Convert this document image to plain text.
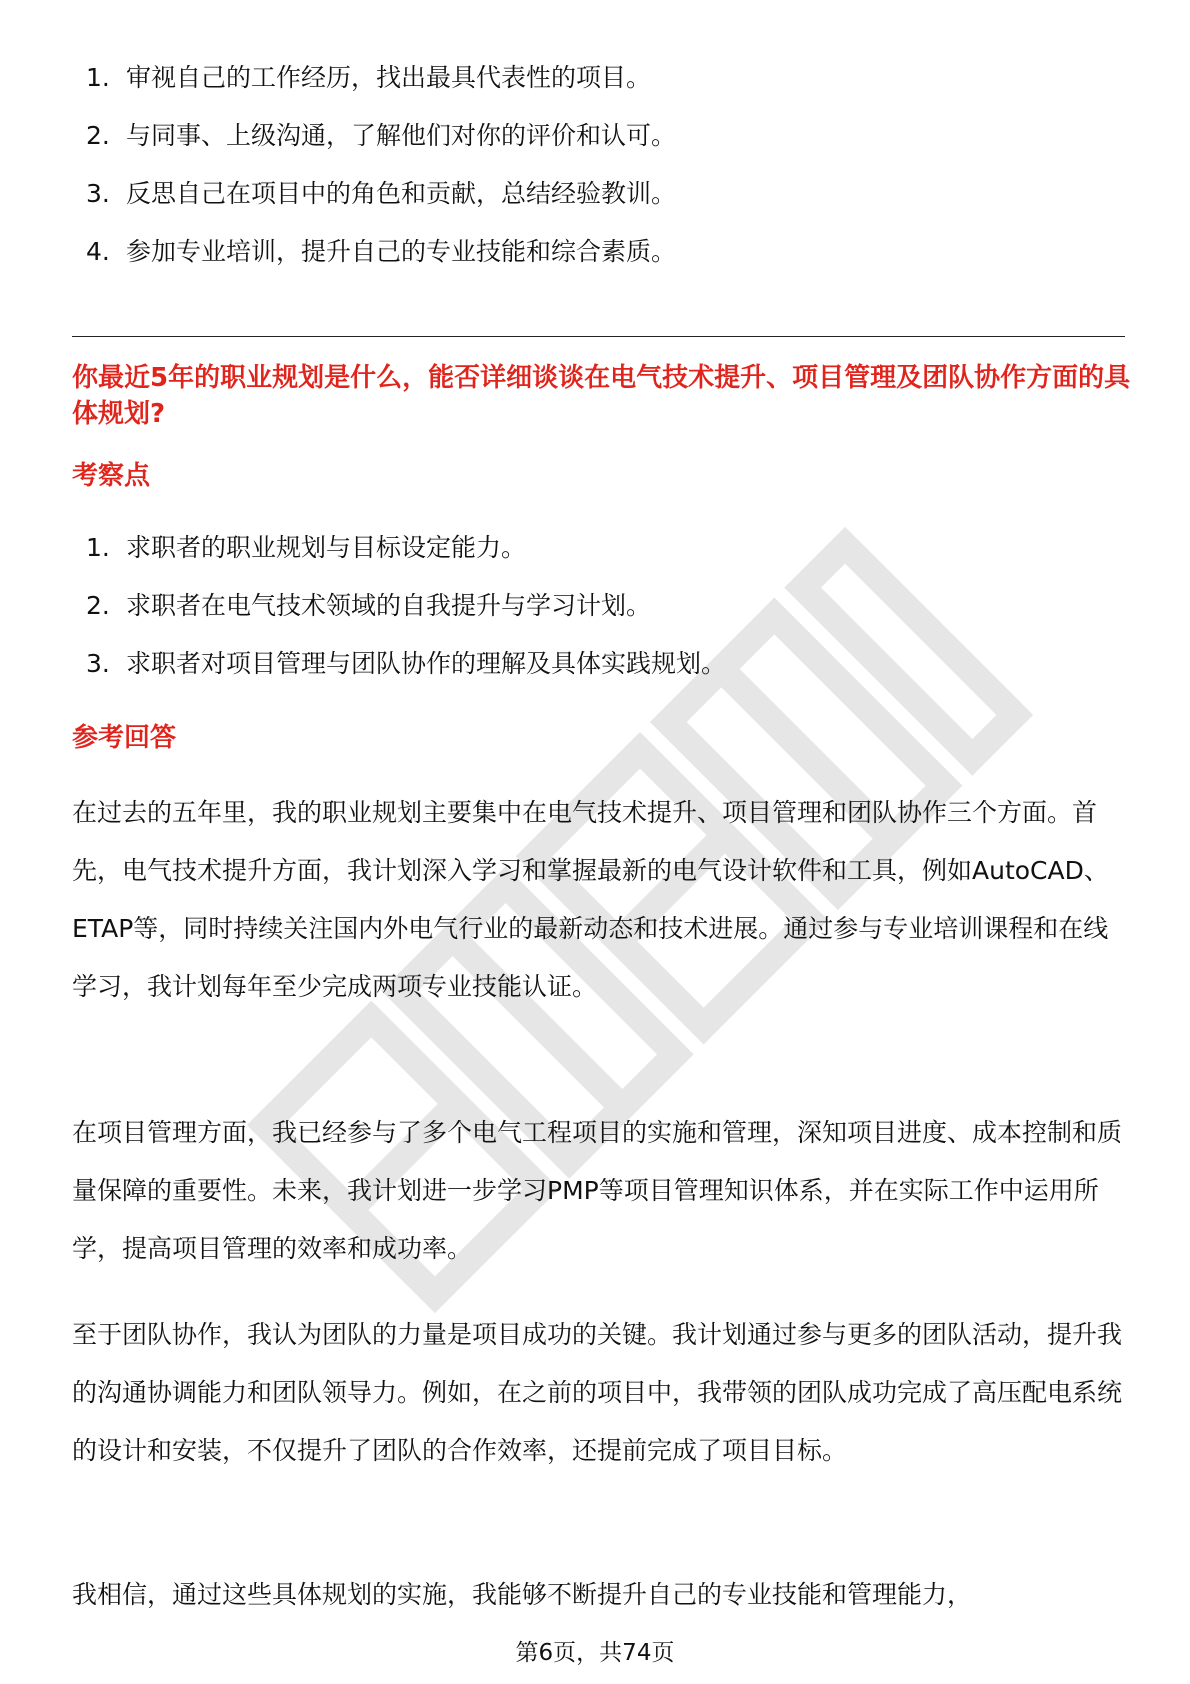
1. 审视自己的工作经历，找出最具代表性的项目。
2. 与同事、上级沟通，了解他们对你的评价和认可。
3. 反思自己在项目中的角色和贡献，总结经验教训。
4. 参加专业培训，提升自己的专业技能和综合素质。
你最近5年的职业规划是什么，能否详细谈谈在电气技术提升、项目管理及团队协作方面的具体规划?
考察点
1. 求职者的职业规划与目标设定能力。
2. 求职者在电气技术领域的自我提升与学习计划。
3. 求职者对项目管理与团队协作的理解及具体实践规划。
参考回答

在过去的五年里，我的职业规划主要集中在电气技术提升、项目管理和团队协作三个方面。首先，电气技术提升方面，我计划深入学习和掌握最新的电气设计软件和工具，例如AutoCAD、ETAP等，同时持续关注国内外电气行业的最新动态和技术进展。通过参与专业培训课程和在线学习，我计划每年至少完成两项专业技能认证。

在项目管理方面，我已经参与了多个电气工程项目的实施和管理，深知项目进度、成本控制和质量保障的重要性。未来，我计划进一步学习PMP等项目管理知识体系，并在实际工作中运用所学，提高项目管理的效率和成功率。

至于团队协作，我认为团队的力量是项目成功的关键。我计划通过参与更多的团队活动，提升我的沟通协调能力和团队领导力。例如，在之前的项目中，我带领的团队成功完成了高压配电系统的设计和安装，不仅提升了团队的合作效率，还提前完成了项目目标。

我相信，通过这些具体规划的实施，我能够不断提升自己的专业技能和管理能力，

第6页，共74页
